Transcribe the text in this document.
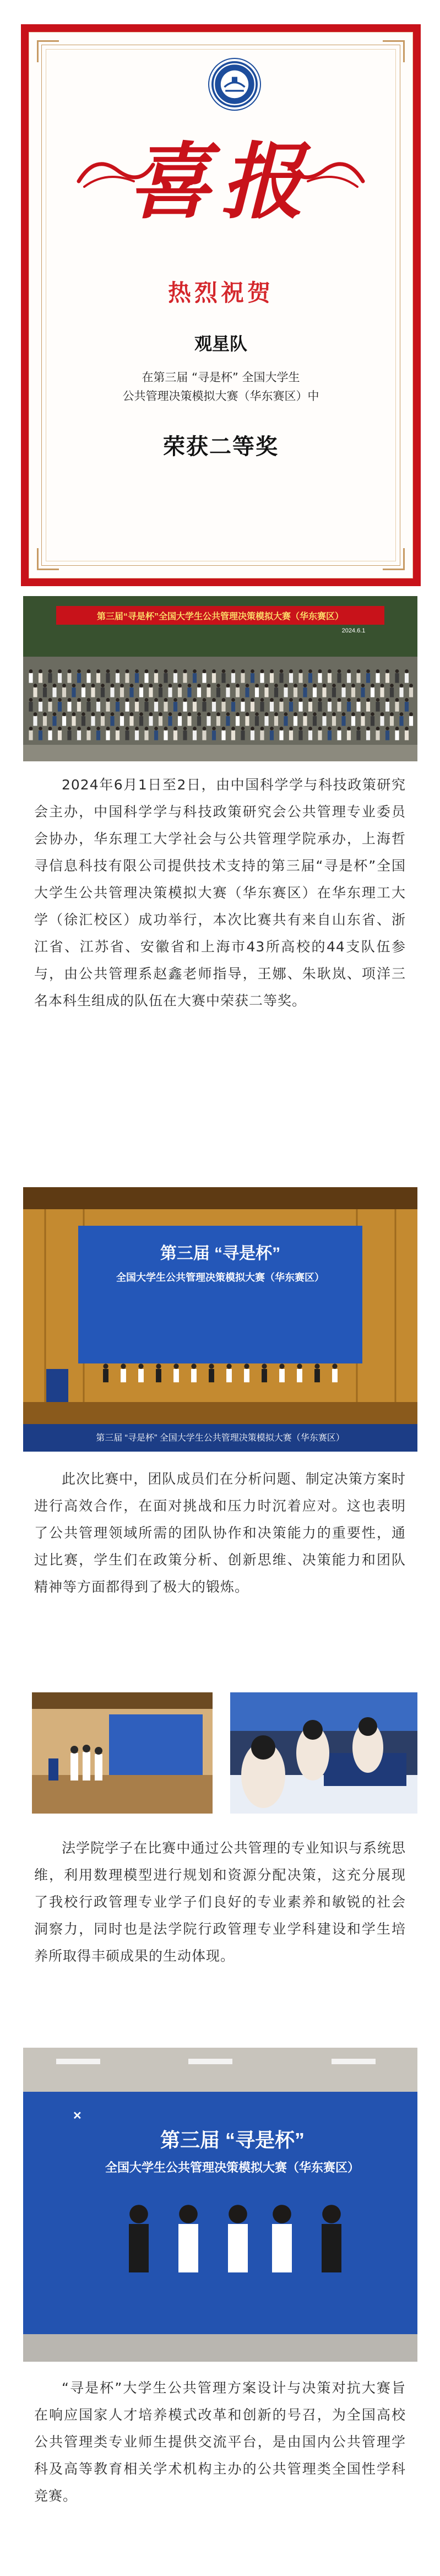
喜报
热烈祝贺
观星队
在第三届 “寻是杯” 全国大学生
公共管理决策模拟大赛（华东赛区）中
荣获二等奖
第三届“寻是杯”全国大学生公共管理决策模拟大赛（华东赛区）
2024.6.1
2024年6月1日至2日，由中国科学学与科技政策研究会主办，中国科学学与科技政策研究会公共管理专业委员会协办，华东理工大学社会与公共管理学院承办，上海哲寻信息科技有限公司提供技术支持的第三届“寻是杯”全国大学生公共管理决策模拟大赛（华东赛区）在华东理工大学（徐汇校区）成功举行，本次比赛共有来自山东省、浙江省、江苏省、安徽省和上海市43所高校的44支队伍参与，由公共管理系赵鑫老师指导，王娜、朱耿岚、项洋三名本科生组成的队伍在大赛中荣获二等奖。
第三届 “寻是杯”
全国大学生公共管理决策模拟大赛（华东赛区）
第三届 “寻是杯” 全国大学生公共管理决策模拟大赛（华东赛区）
此次比赛中，团队成员们在分析问题、制定决策方案时进行高效合作，在面对挑战和压力时沉着应对。这也表明了公共管理领域所需的团队协作和决策能力的重要性，通过比赛，学生们在政策分析、创新思维、决策能力和团队精神等方面都得到了极大的锻炼。
法学院学子在比赛中通过公共管理的专业知识与系统思维，利用数理模型进行规划和资源分配决策，这充分展现了我校行政管理专业学子们良好的专业素养和敏锐的社会洞察力，同时也是法学院行政管理专业学科建设和学生培养所取得丰硕成果的生动体现。
✕
第三届 “寻是杯”
全国大学生公共管理决策模拟大赛（华东赛区）
“寻是杯”大学生公共管理方案设计与决策对抗大赛旨在响应国家人才培养模式改革和创新的号召，为全国高校公共管理类专业师生提供交流平台，是由国内公共管理学科及高等教育相关学术机构主办的公共管理类全国性学科竞赛。
